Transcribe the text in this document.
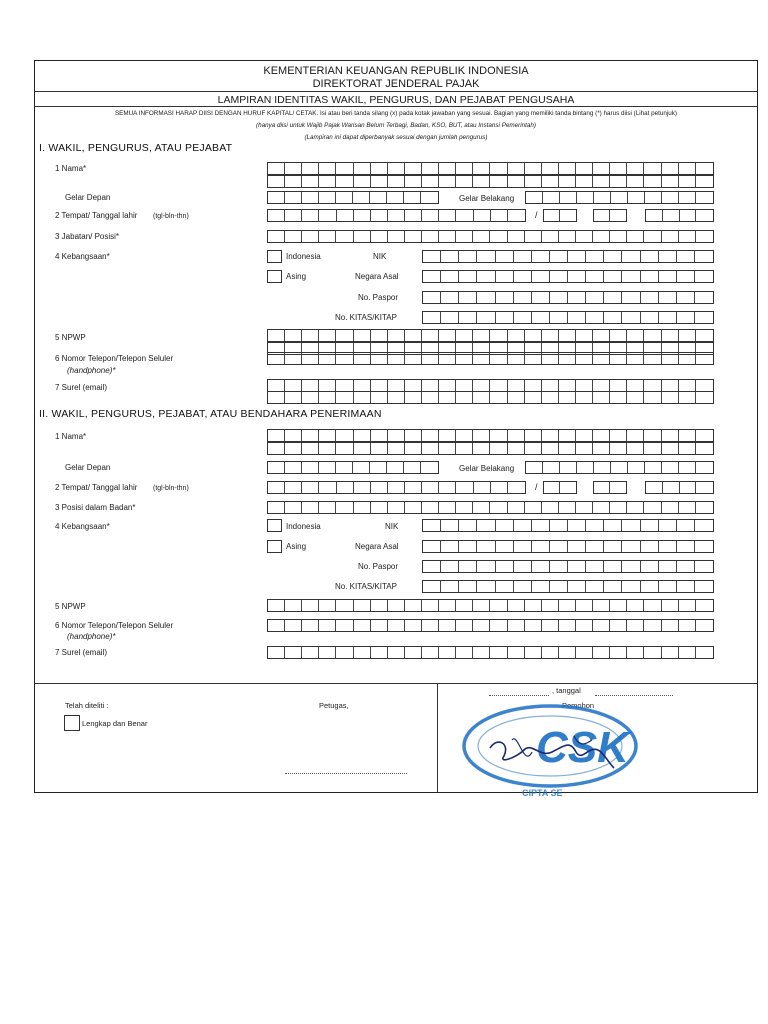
KEMENTERIAN KEUANGAN REPUBLIK INDONESIA
DIREKTORAT JENDERAL PAJAK
LAMPIRAN IDENTITAS WAKIL, PENGURUS, DAN PEJABAT PENGUSAHA
SEMUA INFORMASI HARAP DIISI DENGAN HURUF KAPITAL/ CETAK. Isi atau beri tanda silang (x) pada kotak jawaban yang sesuai. Bagian yang memiliki tanda bintang (*) harus diisi (Lihat petunjuk)
(hanya diisi untuk Wajib Pajak Warisan Belum Terbagi, Badan, KSO, BUT, atau Instansi Pemerintah)
(Lampiran ini dapat diperbanyak sesuai dengan jumlah pengurus)
I. WAKIL, PENGURUS, ATAU PEJABAT
1 Nama*
Gelar Depan	Gelar Belakang
2 Tempat/ Tanggal lahir (tgl-bln-thn)	/
3 Jabatan/ Posisi*
4 Kebangsaan*	Indonesia	NIK
Asing	Negara Asal
No. Paspor
No. KITAS/KITAP
5 NPWP
6 Nomor Telepon/Telepon Seluler
(handphone)*
7 Surel (email)
II. WAKIL, PENGURUS, PEJABAT, ATAU BENDAHARA PENERIMAAN
1 Nama*
Gelar Depan	Gelar Belakang
2 Tempat/ Tanggal lahir (tgl-bln-thn)	/
3 Posisi dalam Badan*
4 Kebangsaan*	Indonesia	NIK
Asing	Negara Asal
No. Paspor
No. KITAS/KITAP
5 NPWP
6 Nomor Telepon/Telepon Seluler
(handphone)*
7 Surel (email)
Telah diteliti :
Lengkap dan Benar
Petugas,
, tanggal
Pemohon
CSK
CIPTA SE
